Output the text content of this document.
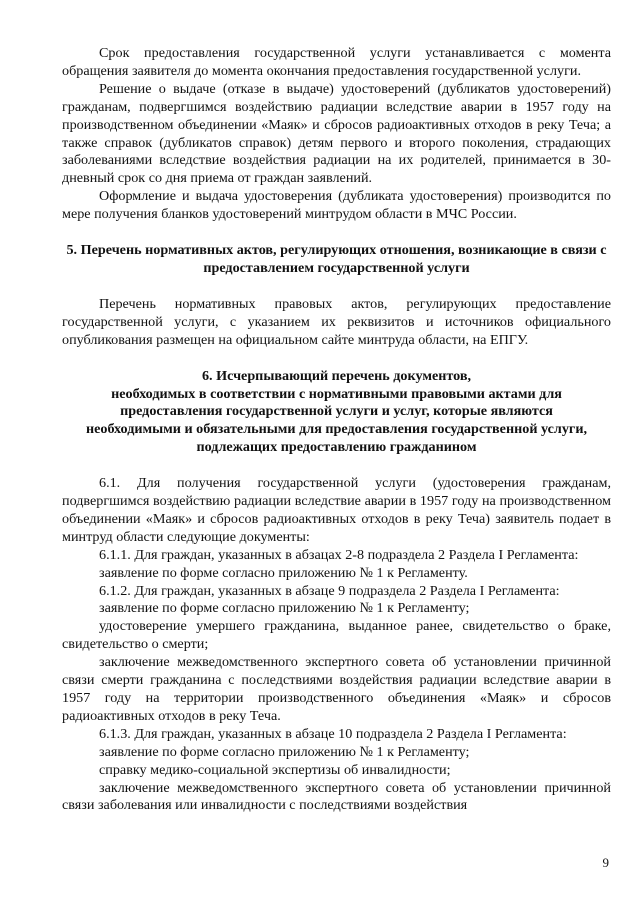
Срок предоставления государственной услуги устанавливается с момента обращения заявителя до момента окончания предоставления государственной услуги.

Решение о выдаче (отказе в выдаче) удостоверений (дубликатов удостоверений) гражданам, подвергшимся воздействию радиации вследствие аварии в 1957 году на производственном объединении «Маяк» и сбросов радиоактивных отходов в реку Теча; а также справок (дубликатов справок) детям первого и второго поколения, страдающих заболеваниями вследствие воздействия радиации на их родителей, принимается в 30-дневный срок со дня приема от граждан заявлений.

Оформление и выдача удостоверения (дубликата удостоверения) производится по мере получения бланков удостоверений минтрудом области в МЧС России.

5. Перечень нормативных актов, регулирующих отношения, возникающие в связи с предоставлением государственной услуги

Перечень нормативных правовых актов, регулирующих предоставление государственной услуги, с указанием их реквизитов и источников официального опубликования размещен на официальном сайте минтруда области, на ЕПГУ.

6. Исчерпывающий перечень документов,

необходимых в соответствии с нормативными правовыми актами для

предоставления государственной услуги и услуг, которые являются

необходимыми и обязательными для предоставления государственной услуги,

подлежащих предоставлению гражданином

6.1. Для получения государственной услуги (удостоверения гражданам, подвергшимся воздействию радиации вследствие аварии в 1957 году на производственном объединении «Маяк» и сбросов радиоактивных отходов в реку Теча) заявитель подает в минтруд области следующие документы:

6.1.1. Для граждан, указанных в абзацах 2-8 подраздела 2 Раздела I Регламента:

заявление по форме согласно приложению № 1 к Регламенту.

6.1.2. Для граждан, указанных в абзаце 9 подраздела 2 Раздела I Регламента:

заявление по форме согласно приложению № 1 к Регламенту;

удостоверение умершего гражданина, выданное ранее, свидетельство о браке, свидетельство о смерти;

заключение межведомственного экспертного совета об установлении причинной связи смерти гражданина с последствиями воздействия радиации вследствие аварии в 1957 году на территории производственного объединения «Маяк» и сбросов радиоактивных отходов в реку Теча.

6.1.3. Для граждан, указанных в абзаце 10 подраздела 2 Раздела I Регламента:

заявление по форме согласно приложению № 1 к Регламенту;

справку медико-социальной экспертизы об инвалидности;

заключение межведомственного экспертного совета об установлении причинной связи заболевания или инвалидности с последствиями воздействия

9
